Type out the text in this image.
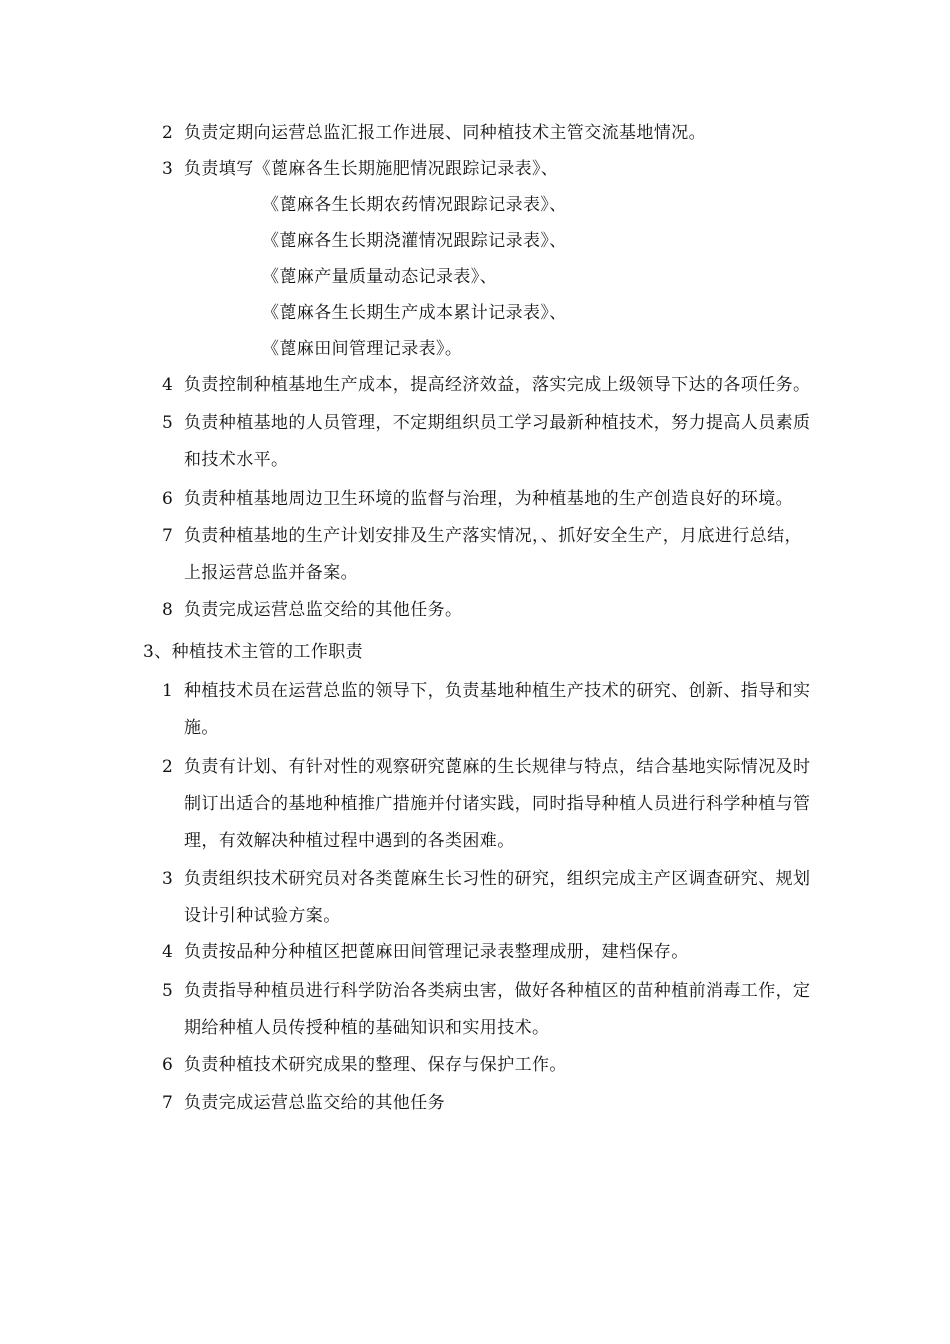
2 负责定期向运营总监汇报工作进展、同种植技术主管交流基地情况。
3 负责填写《蓖麻各生长期施肥情况跟踪记录表》、
《蓖麻各生长期农药情况跟踪记录表》、
《蓖麻各生长期浇灌情况跟踪记录表》、
《蓖麻产量质量动态记录表》、
《蓖麻各生长期生产成本累计记录表》、
《蓖麻田间管理记录表》。
4 负责控制种植基地生产成本，提高经济效益，落实完成上级领导下达的各项任务。
5 负责种植基地的人员管理，不定期组织员工学习最新种植技术，努力提高人员素质
和技术水平。
6 负责种植基地周边卫生环境的监督与治理，为种植基地的生产创造良好的环境。
7 负责种植基地的生产计划安排及生产落实情况，、抓好安全生产，月底进行总结，
上报运营总监并备案。
8 负责完成运营总监交给的其他任务。
3、种植技术主管的工作职责
1 种植技术员在运营总监的领导下，负责基地种植生产技术的研究、创新、指导和实
施。
2 负责有计划、有针对性的观察研究蓖麻的生长规律与特点，结合基地实际情况及时
制订出适合的基地种植推广措施并付诸实践，同时指导种植人员进行科学种植与管
理，有效解决种植过程中遇到的各类困难。
3 负责组织技术研究员对各类蓖麻生长习性的研究，组织完成主产区调查研究、规划
设计引种试验方案。
4 负责按品种分种植区把蓖麻田间管理记录表整理成册，建档保存。
5 负责指导种植员进行科学防治各类病虫害，做好各种植区的苗种植前消毒工作，定
期给种植人员传授种植的基础知识和实用技术。
6 负责种植技术研究成果的整理、保存与保护工作。
7 负责完成运营总监交给的其他任务
